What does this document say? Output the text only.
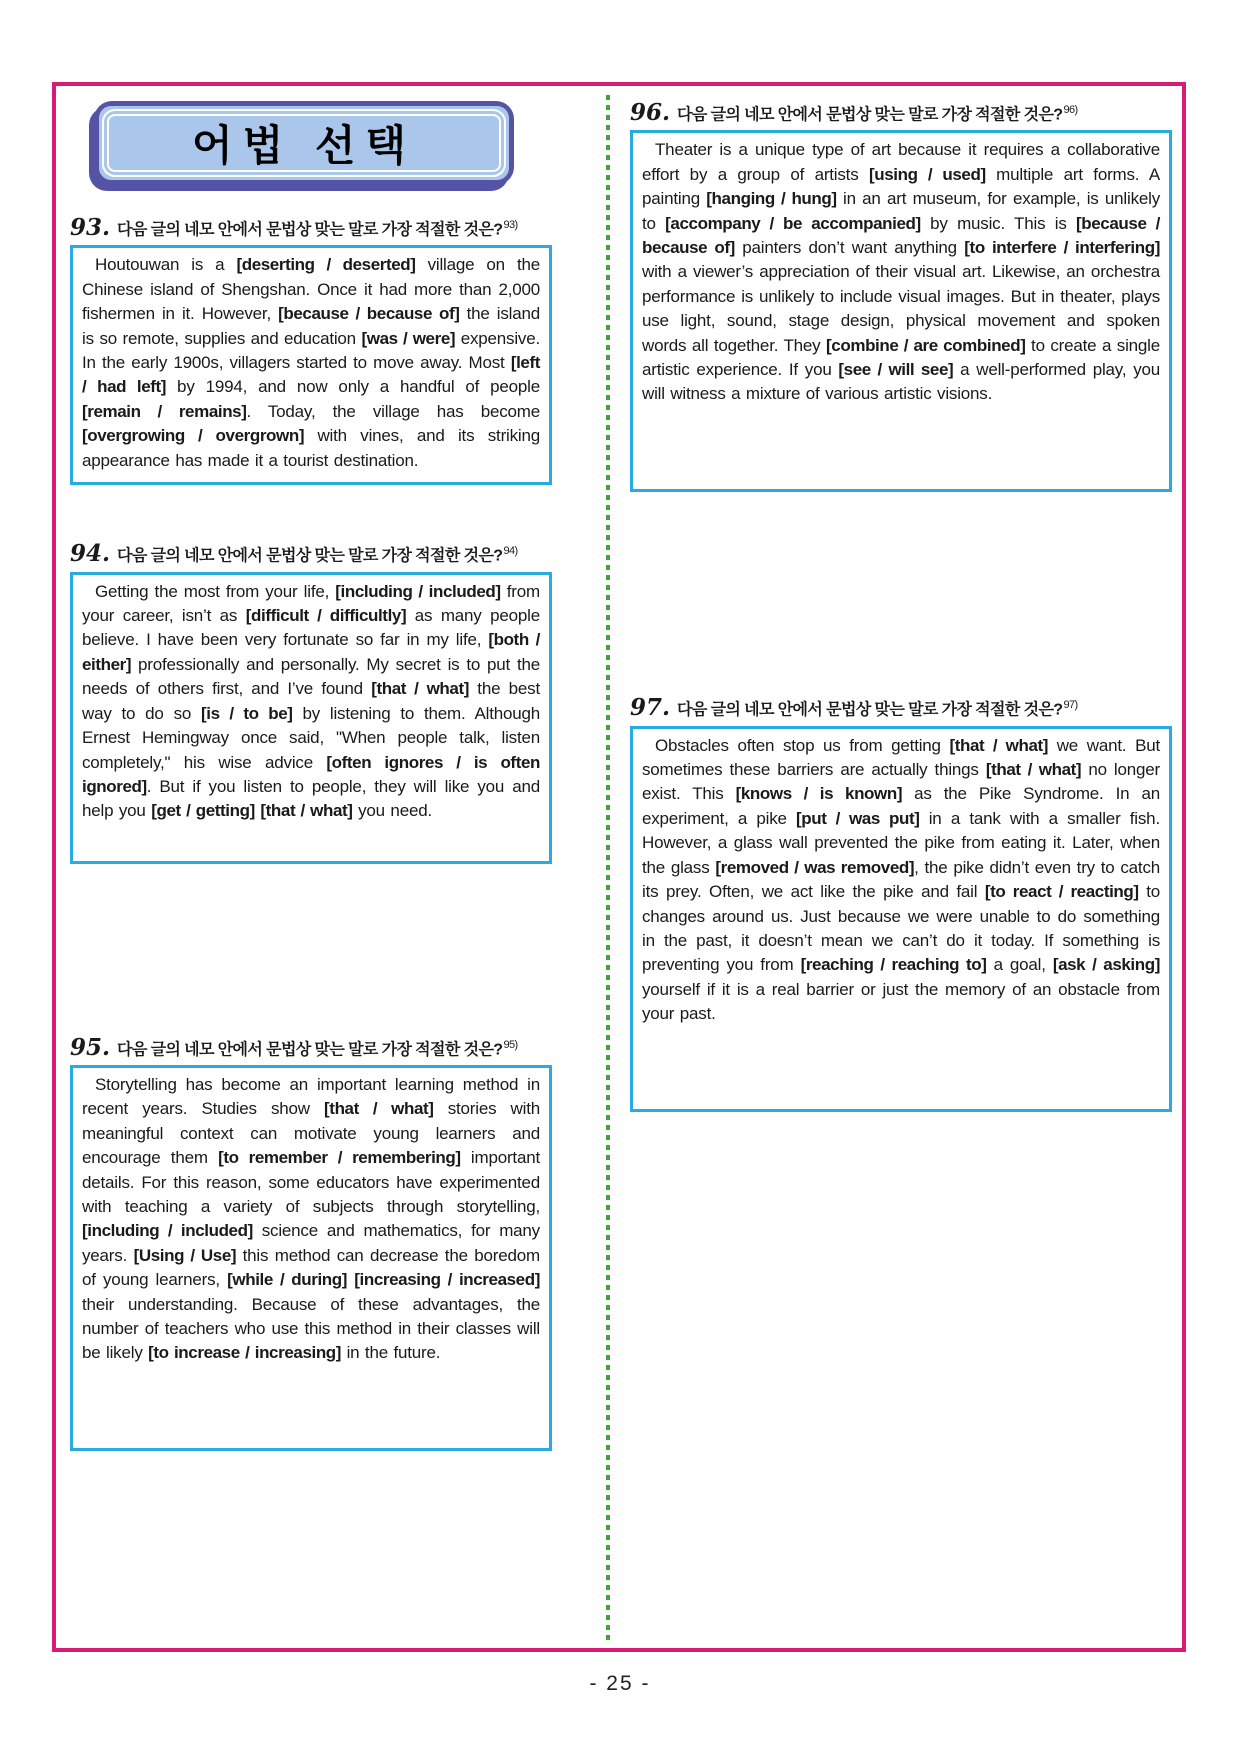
어법 선택
93. 다음 글의 네모 안에서 문법상 맞는 말로 가장 적절한 것은?$^{93)}$

Houtouwan is a [deserting / deserted] village on the Chinese island of Shengshan. Once it had more than 2,000 fishermen in it. However, [because / because of] the island is so remote, supplies and education [was / were] expensive. In the early 1900s, villagers started to move away. Most [left / had left] by 1994, and now only a handful of people [remain / remains]. Today, the village has become [overgrowing / overgrown] with vines, and its striking appearance has made it a tourist destination.

94. 다음 글의 네모 안에서 문법상 맞는 말로 가장 적절한 것은?$^{94)}$

Getting the most from your life, [including / included] from your career, isn’t as [difficult / difficultly] as many people believe. I have been very fortunate so far in my life, [both / either] professionally and personally. My secret is to put the needs of others first, and I’ve found [that / what] the best way to do so [is / to be] by listening to them. Although Ernest Hemingway once said, "When people talk, listen completely," his wise advice [often ignores / is often ignored]. But if you listen to people, they will like you and help you [get / getting] [that / what] you need.

95. 다음 글의 네모 안에서 문법상 맞는 말로 가장 적절한 것은?$^{95)}$

Storytelling has become an important learning method in recent years. Studies show [that / what] stories with meaningful context can motivate young learners and encourage them [to remember / remembering] important details. For this reason, some educators have experimented with teaching a variety of subjects through storytelling, [including / included] science and mathematics, for many years. [Using / Use] this method can decrease the boredom of young learners, [while / during] [increasing / increased] their understanding. Because of these advantages, the number of teachers who use this method in their classes will be likely [to increase / increasing] in the future.

96. 다음 글의 네모 안에서 문법상 맞는 말로 가장 적절한 것은?$^{96)}$

Theater is a unique type of art because it requires a collaborative effort by a group of artists [using / used] multiple art forms. A painting [hanging / hung] in an art museum, for example, is unlikely to [accompany / be accompanied] by music. This is [because / because of] painters don’t want anything [to interfere / interfering] with a viewer’s appreciation of their visual art. Likewise, an orchestra performance is unlikely to include visual images. But in theater, plays use light, sound, stage design, physical movement and spoken words all together. They [combine / are combined] to create a single artistic experience. If you [see / will see] a well-performed play, you will witness a mixture of various artistic visions.

97. 다음 글의 네모 안에서 문법상 맞는 말로 가장 적절한 것은?$^{97)}$

Obstacles often stop us from getting [that / what] we want. But sometimes these barriers are actually things [that / what] no longer exist. This [knows / is known] as the Pike Syndrome. In an experiment, a pike [put / was put] in a tank with a smaller fish. However, a glass wall prevented the pike from eating it. Later, when the glass [removed / was removed], the pike didn’t even try to catch its prey. Often, we act like the pike and fail [to react / reacting] to changes around us. Just because we were unable to do something in the past, it doesn’t mean we can’t do it today. If something is preventing you from [reaching / reaching to] a goal, [ask / asking] yourself if it is a real barrier or just the memory of an obstacle from your past.

- 25 -
